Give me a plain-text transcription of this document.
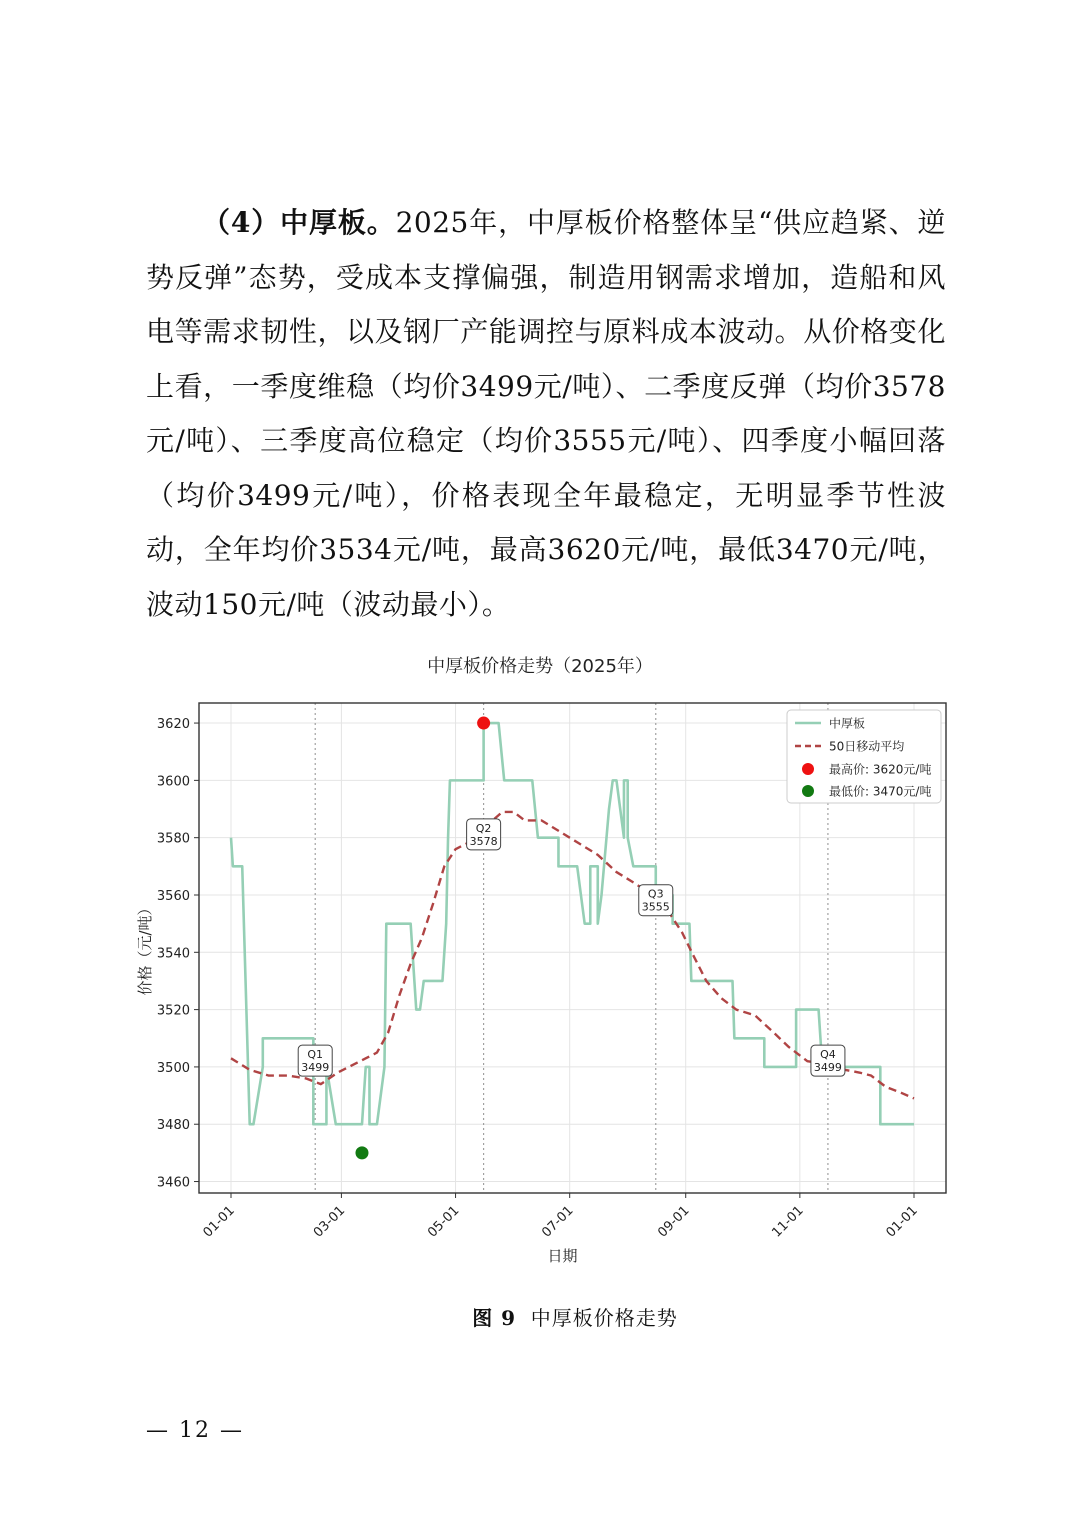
（4）中厚板。2025年，中厚板价格整体呈“供应趋紧、逆势反弹”态势，受成本支撑偏强，制造用钢需求增加，造船和风电等需求韧性，以及钢厂产能调控与原料成本波动。从价格变化上看，一季度维稳（均价3499元/吨）、二季度反弹（均价3578元/吨）、三季度高位稳定（均价3555元/吨）、四季度小幅回落（均价3499元/吨），价格表现全年最稳定，无明显季节性波动，全年均价3534元/吨，最高3620元/吨，最低3470元/吨，波动150元/吨（波动最小）。
中厚板价格走势（2025年）
Q1
3499
Q2
3578
Q3
3555
Q4
3499
3460
3480
3500
3520
3540
3560
3580
3600
3620
01-01	03-01	05-01	07-01	09-01	11-01	01-01
价格（元/吨）
日期
中厚板
50日移动平均
最高价: 3620元/吨
最低价: 3470元/吨
图 9 中厚板价格走势
— 12 —
